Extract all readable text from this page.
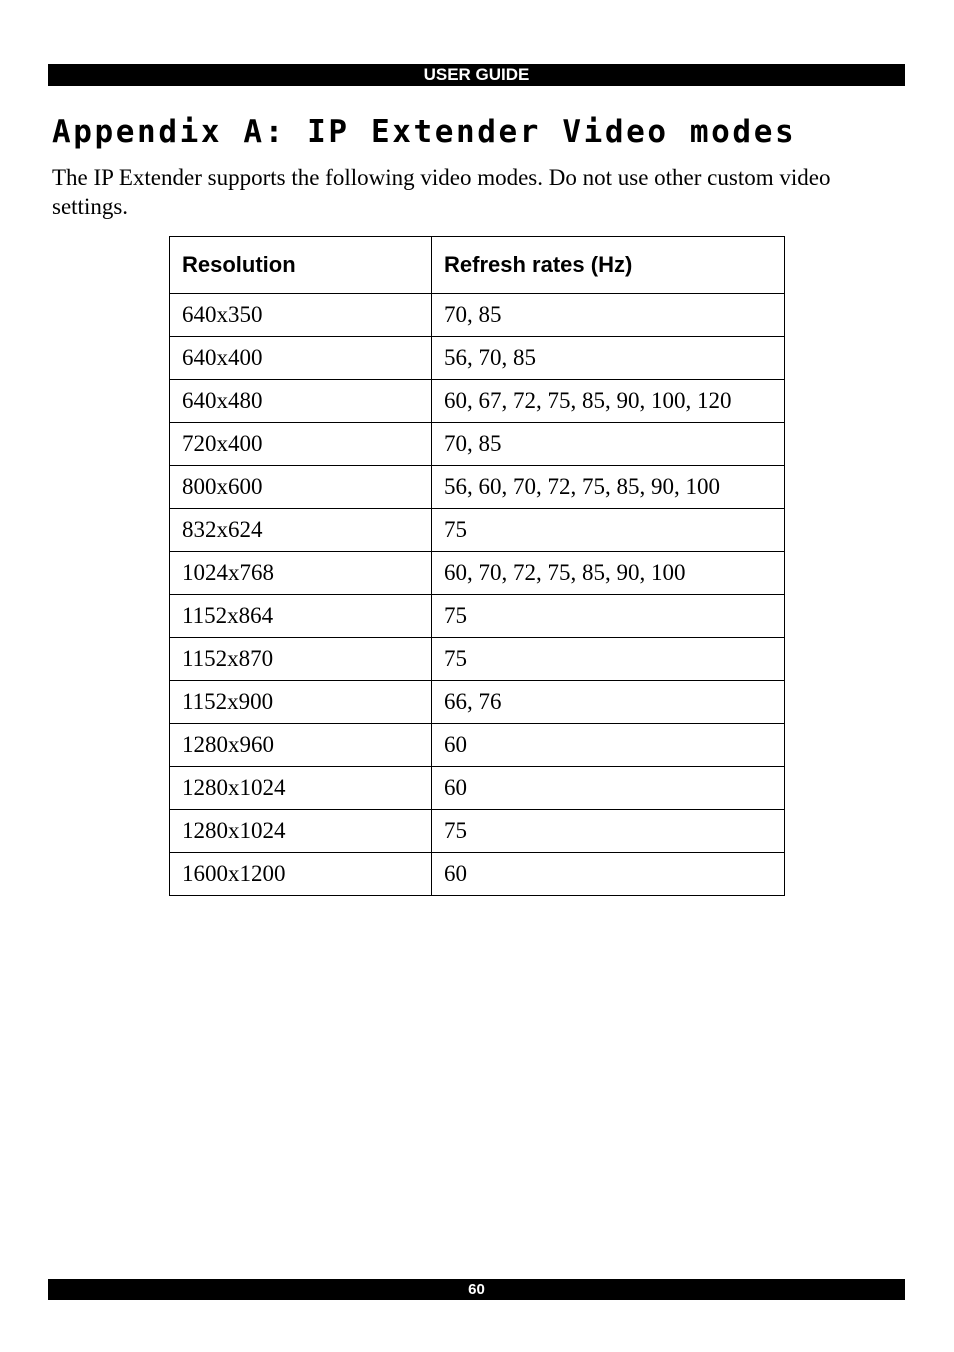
USER GUIDE
Appendix A: IP Extender Video modes

The IP Extender supports the following video modes. Do not use other custom video settings.

Resolution	Refresh rates (Hz)
640x350	70, 85
640x400	56, 70, 85
640x480	60, 67, 72, 75, 85, 90, 100, 120
720x400	70, 85
800x600	56, 60, 70, 72, 75, 85, 90, 100
832x624	75
1024x768	60, 70, 72, 75, 85, 90, 100
1152x864	75
1152x870	75
1152x900	66, 76
1280x960	60
1280x1024	60
1280x1024	75
1600x1200	60
60
